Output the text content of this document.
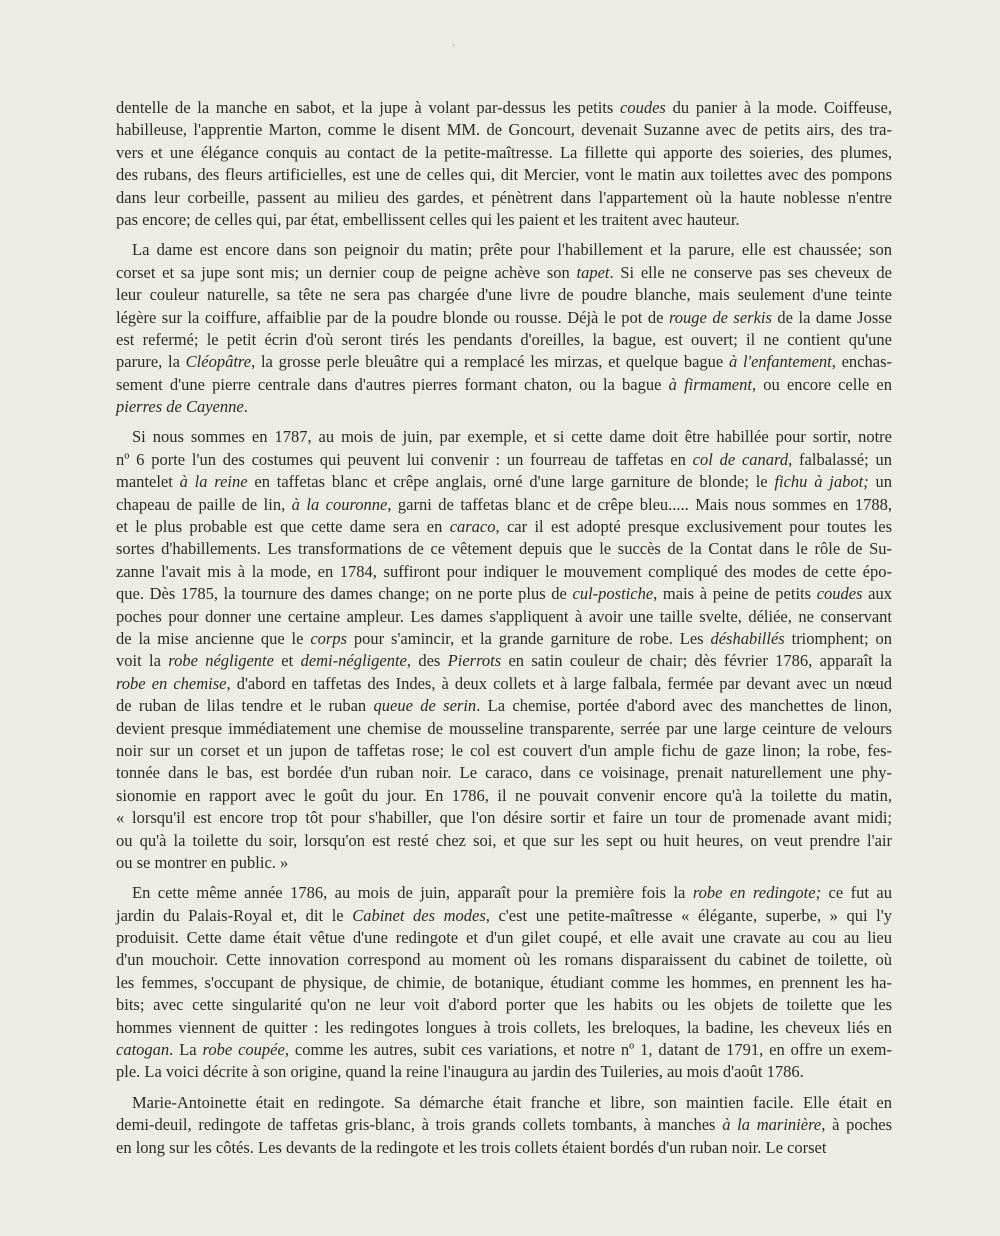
`
dentelle de la manche en sabot, et la jupe à volant par-dessus les petits coudes du panier à la mode. Coiffeuse,
habilleuse, l'apprentie Marton, comme le disent MM. de Goncourt, devenait Suzanne avec de petits airs, des tra-
vers et une élégance conquis au contact de la petite-maîtresse. La fillette qui apporte des soieries, des plumes,
des rubans, des fleurs artificielles, est une de celles qui, dit Mercier, vont le matin aux toilettes avec des pompons
dans leur corbeille, passent au milieu des gardes, et pénètrent dans l'appartement où la haute noblesse n'entre
pas encore; de celles qui, par état, embellissent celles qui les paient et les traitent avec hauteur.
La dame est encore dans son peignoir du matin; prête pour l'habillement et la parure, elle est chaussée; son
corset et sa jupe sont mis; un dernier coup de peigne achève son tapet. Si elle ne conserve pas ses cheveux de
leur couleur naturelle, sa tête ne sera pas chargée d'une livre de poudre blanche, mais seulement d'une teinte
légère sur la coiffure, affaiblie par de la poudre blonde ou rousse. Déjà le pot de rouge de serkis de la dame Josse
est refermé; le petit écrin d'où seront tirés les pendants d'oreilles, la bague, est ouvert; il ne contient qu'une
parure, la Cléopâtre, la grosse perle bleuâtre qui a remplacé les mirzas, et quelque bague à l'enfantement, enchas-
sement d'une pierre centrale dans d'autres pierres formant chaton, ou la bague à firmament, ou encore celle en
pierres de Cayenne.
Si nous sommes en 1787, au mois de juin, par exemple, et si cette dame doit être habillée pour sortir, notre
nº 6 porte l'un des costumes qui peuvent lui convenir : un fourreau de taffetas en col de canard, falbalassé; un
mantelet à la reine en taffetas blanc et crêpe anglais, orné d'une large garniture de blonde; le fichu à jabot; un
chapeau de paille de lin, à la couronne, garni de taffetas blanc et de crêpe bleu..... Mais nous sommes en 1788,
et le plus probable est que cette dame sera en caraco, car il est adopté presque exclusivement pour toutes les
sortes d'habillements. Les transformations de ce vêtement depuis que le succès de la Contat dans le rôle de Su-
zanne l'avait mis à la mode, en 1784, suffiront pour indiquer le mouvement compliqué des modes de cette épo-
que. Dès 1785, la tournure des dames change; on ne porte plus de cul-postiche, mais à peine de petits coudes aux
poches pour donner une certaine ampleur. Les dames s'appliquent à avoir une taille svelte, déliée, ne conservant
de la mise ancienne que le corps pour s'amincir, et la grande garniture de robe. Les déshabillés triomphent; on
voit la robe négligente et demi-négligente, des Pierrots en satin couleur de chair; dès février 1786, apparaît la
robe en chemise, d'abord en taffetas des Indes, à deux collets et à large falbala, fermée par devant avec un nœud
de ruban de lilas tendre et le ruban queue de serin. La chemise, portée d'abord avec des manchettes de linon,
devient presque immédiatement une chemise de mousseline transparente, serrée par une large ceinture de velours
noir sur un corset et un jupon de taffetas rose; le col est couvert d'un ample fichu de gaze linon; la robe, fes-
tonnée dans le bas, est bordée d'un ruban noir. Le caraco, dans ce voisinage, prenait naturellement une phy-
sionomie en rapport avec le goût du jour. En 1786, il ne pouvait convenir encore qu'à la toilette du matin,
« lorsqu'il est encore trop tôt pour s'habiller, que l'on désire sortir et faire un tour de promenade avant midi;
ou qu'à la toilette du soir, lorsqu'on est resté chez soi, et que sur les sept ou huit heures, on veut prendre l'air
ou se montrer en public. »
En cette même année 1786, au mois de juin, apparaît pour la première fois la robe en redingote; ce fut au
jardin du Palais-Royal et, dit le Cabinet des modes, c'est une petite-maîtresse « élégante, superbe, » qui l'y
produisit. Cette dame était vêtue d'une redingote et d'un gilet coupé, et elle avait une cravate au cou au lieu
d'un mouchoir. Cette innovation correspond au moment où les romans disparaissent du cabinet de toilette, où
les femmes, s'occupant de physique, de chimie, de botanique, étudiant comme les hommes, en prennent les ha-
bits; avec cette singularité qu'on ne leur voit d'abord porter que les habits ou les objets de toilette que les
hommes viennent de quitter : les redingotes longues à trois collets, les breloques, la badine, les cheveux liés en
catogan. La robe coupée, comme les autres, subit ces variations, et notre nº 1, datant de 1791, en offre un exem-
ple. La voici décrite à son origine, quand la reine l'inaugura au jardin des Tuileries, au mois d'août 1786.
Marie-Antoinette était en redingote. Sa démarche était franche et libre, son maintien facile. Elle était en
demi-deuil, redingote de taffetas gris-blanc, à trois grands collets tombants, à manches à la marinière, à poches
en long sur les côtés. Les devants de la redingote et les trois collets étaient bordés d'un ruban noir. Le corset
